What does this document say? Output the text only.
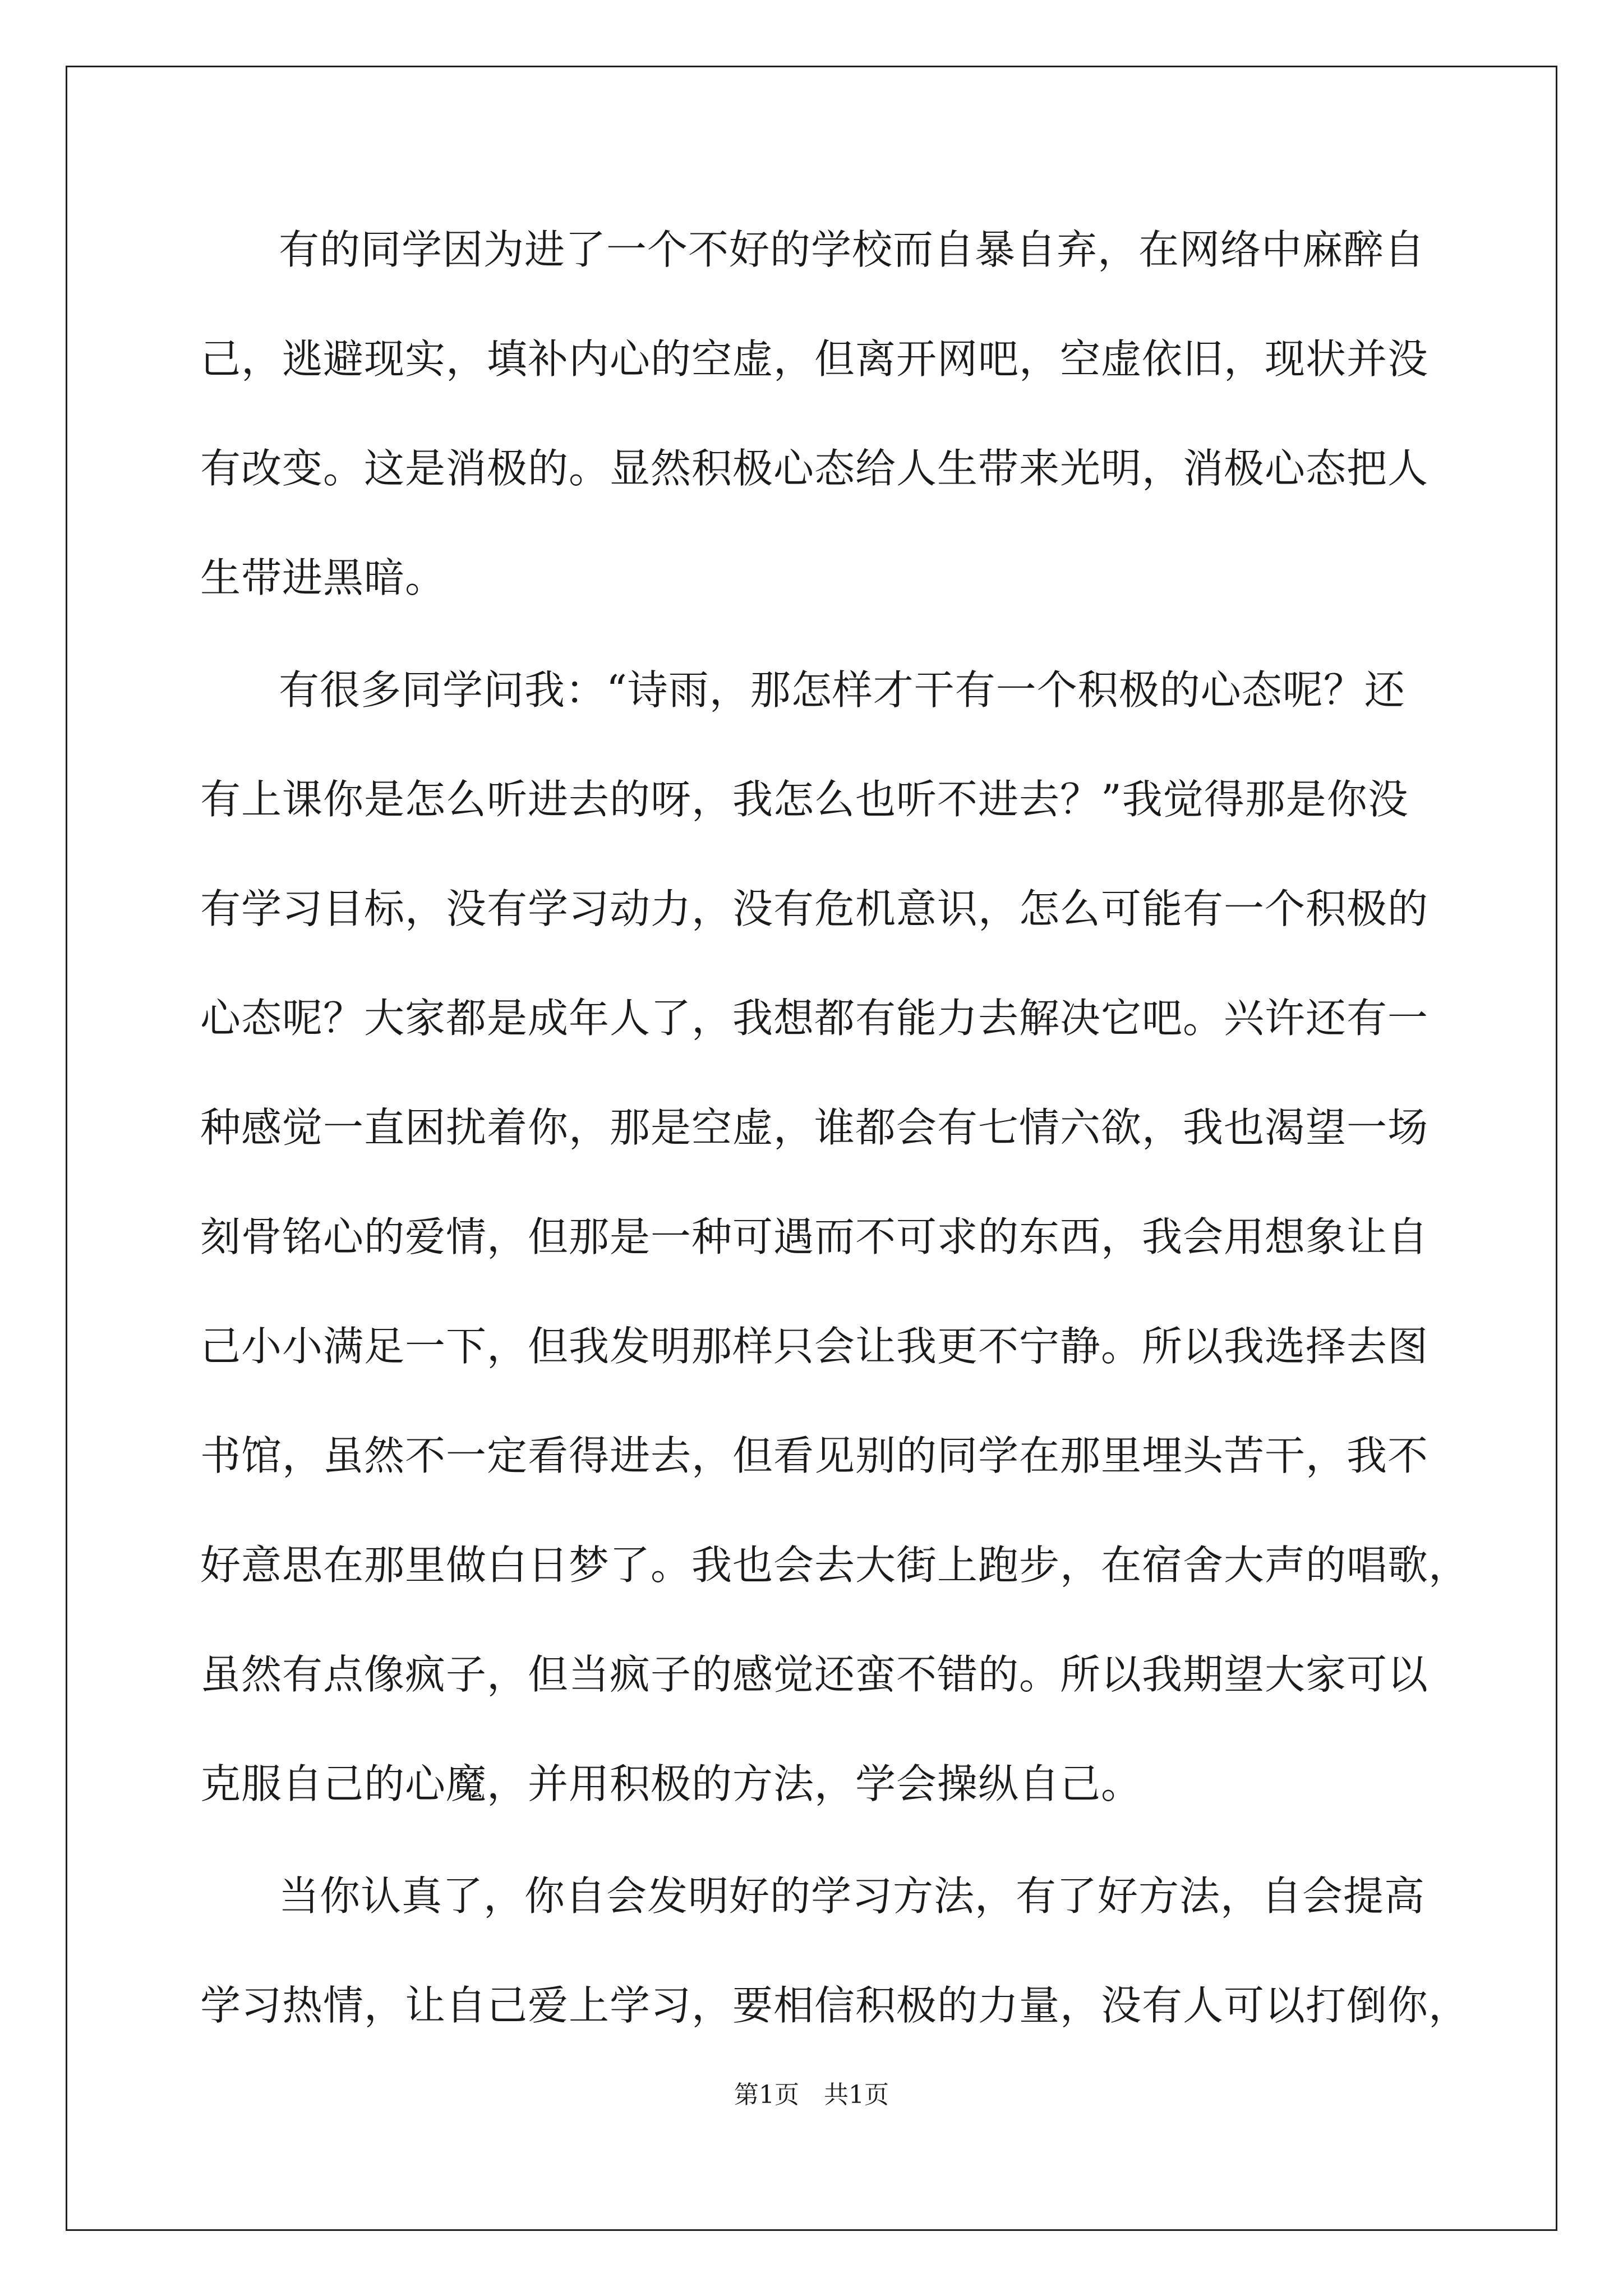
有的同学因为进了一个不好的学校而自暴自弃，在网络中麻醉自
己，逃避现实，填补内心的空虚，但离开网吧，空虚依旧，现状并没
有改变。这是消极的。显然积极心态给人生带来光明，消极心态把人
生带进黑暗。
有很多同学问我：“诗雨，那怎样才干有一个积极的心态呢？还
有上课你是怎么听进去的呀，我怎么也听不进去？”我觉得那是你没
有学习目标，没有学习动力，没有危机意识，怎么可能有一个积极的
心态呢？大家都是成年人了，我想都有能力去解决它吧。兴许还有一
种感觉一直困扰着你，那是空虚，谁都会有七情六欲，我也渴望一场
刻骨铭心的爱情，但那是一种可遇而不可求的东西，我会用想象让自
己小小满足一下，但我发明那样只会让我更不宁静。所以我选择去图
书馆，虽然不一定看得进去，但看见别的同学在那里埋头苦干，我不
好意思在那里做白日梦了。我也会去大街上跑步，在宿舍大声的唱歌，
虽然有点像疯子，但当疯子的感觉还蛮不错的。所以我期望大家可以
克服自己的心魔，并用积极的方法，学会操纵自己。
当你认真了，你自会发明好的学习方法，有了好方法，自会提高
学习热情，让自己爱上学习，要相信积极的力量，没有人可以打倒你，
第1页　共1页
